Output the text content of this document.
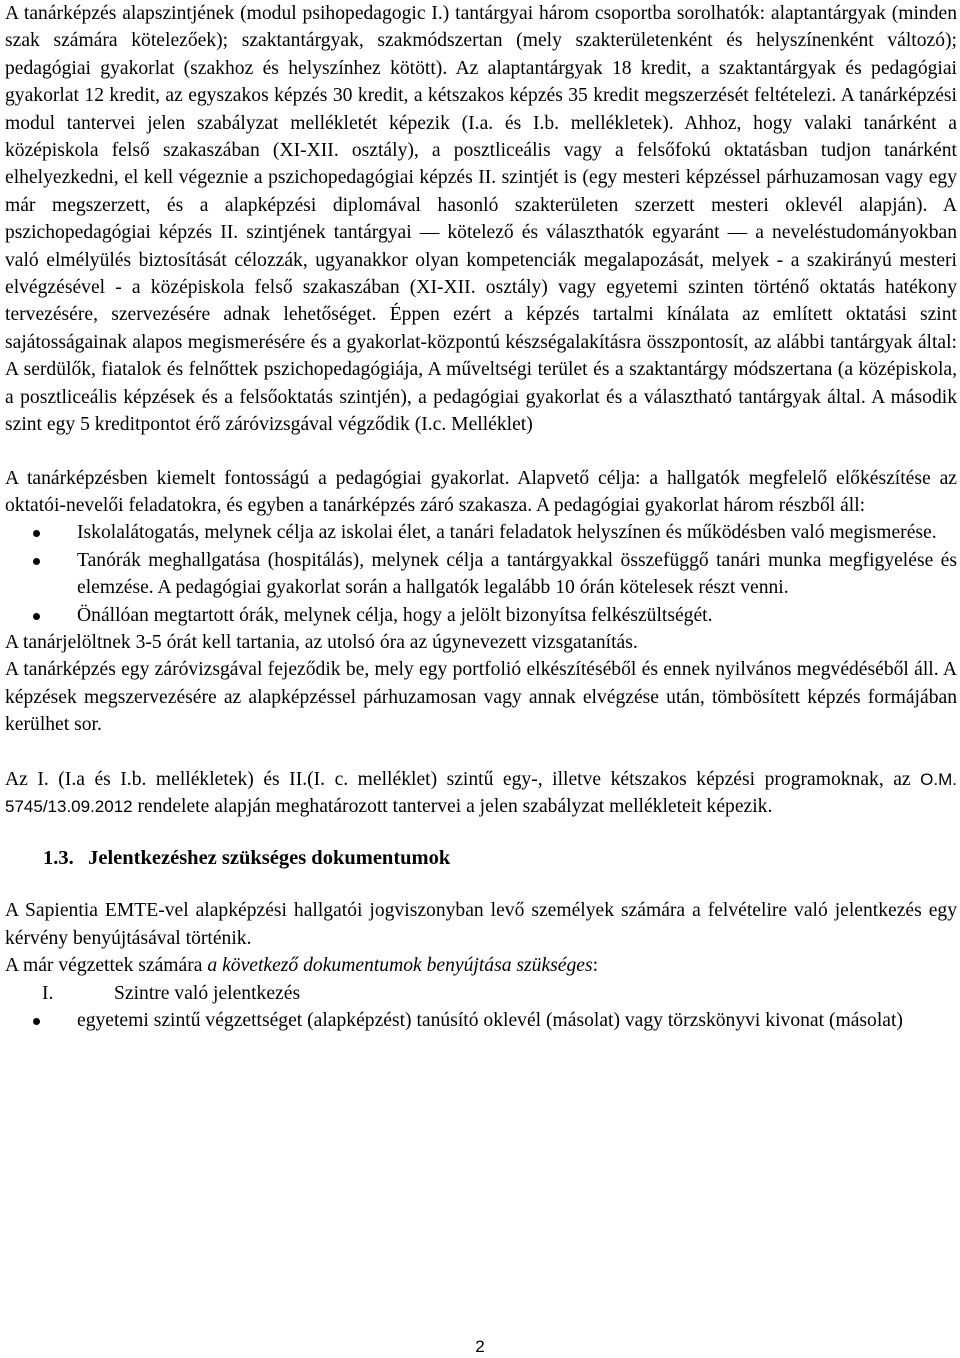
A tanárképzés alapszintjének (modul psihopedagogic I.) tantárgyai három csoportba sorolhatók: alaptantárgyak (minden szak számára kötelezőek); szaktantárgyak, szakmódszertan (mely szakterületenként és helyszínenként változó); pedagógiai gyakorlat (szakhoz és helyszínhez kötött). Az alaptantárgyak 18 kredit, a szaktantárgyak és pedagógiai gyakorlat 12 kredit, az egyszakos képzés 30 kredit, a kétszakos képzés 35 kredit megszerzését feltételezi. A tanárképzési modul tantervei jelen szabályzat mellékletét képezik (I.a. és I.b. mellékletek). Ahhoz, hogy valaki tanárként a középiskola felső szakaszában (XI-XII. osztály), a posztliceális vagy a felsőfokú oktatásban tudjon tanárként elhelyezkedni, el kell végeznie a pszichopedagógiai képzés II. szintjét is (egy mesteri képzéssel párhuzamosan vagy egy már megszerzett, és a alapképzési diplomával hasonló szakterületen szerzett mesteri oklevél alapján). A pszichopedagógiai képzés II. szintjének tantárgyai ― kötelező és választhatók egyaránt ― a neveléstudományokban való elmélyülés biztosítását célozzák, ugyanakkor olyan kompetenciák megalapozását, melyek - a szakirányú mesteri elvégzésével - a középiskola felső szakaszában (XI-XII. osztály) vagy egyetemi szinten történő oktatás hatékony tervezésére, szervezésére adnak lehetőséget. Éppen ezért a képzés tartalmi kínálata az említett oktatási szint sajátosságainak alapos megismerésére és a gyakorlat-központú készségalakításra összpontosít, az alábbi tantárgyak által: A serdülők, fiatalok és felnőttek pszichopedagógiája, A műveltségi terület és a szaktantárgy módszertana (a középiskola, a posztliceális képzések és a felsőoktatás szintjén), a pedagógiai gyakorlat és a választható tantárgyak által. A második szint egy 5 kreditpontot érő záróvizsgával végződik (I.c. Melléklet)

A tanárképzésben kiemelt fontosságú a pedagógiai gyakorlat. Alapvető célja: a hallgatók megfelelő előkészítése az oktatói-nevelői feladatokra, és egyben a tanárképzés záró szakasza. A pedagógiai gyakorlat három részből áll:

Iskolalátogatás, melynek célja az iskolai élet, a tanári feladatok helyszínen és működésben való megismerése.
Tanórák meghallgatása (hospitálás), melynek célja a tantárgyakkal összefüggő tanári munka megfigyelése és elemzése. A pedagógiai gyakorlat során a hallgatók legalább 10 órán kötelesek részt venni.
Önállóan megtartott órák, melynek célja, hogy a jelölt bizonyítsa felkészültségét.

A tanárjelöltnek 3-5 órát kell tartania, az utolsó óra az úgynevezett vizsgatanítás.

A tanárképzés egy záróvizsgával fejeződik be, mely egy portfolió elkészítéséből és ennek nyilvános megvédéséből áll. A képzések megszervezésére az alapképzéssel párhuzamosan vagy annak elvégzése után, tömbösített képzés formájában kerülhet sor.

Az I. (I.a és I.b. mellékletek) és II.(I. c. melléklet) szintű egy-, illetve kétszakos képzési programoknak, az O.M. 5745/13.09.2012 rendelete alapján meghatározott tantervei a jelen szabályzat mellékleteit képezik.

1.3. Jelentkezéshez szükséges dokumentumok

A Sapientia EMTE-vel alapképzési hallgatói jogviszonyban levő személyek számára a felvételire való jelentkezés egy kérvény benyújtásával történik.

A már végzettek számára a következő dokumentumok benyújtása szükséges:

I.	Szintre való jelentkezés
egyetemi szintű végzettséget (alapképzést) tanúsító oklevél (másolat) vagy törzskönyvi kivonat (másolat)
2
